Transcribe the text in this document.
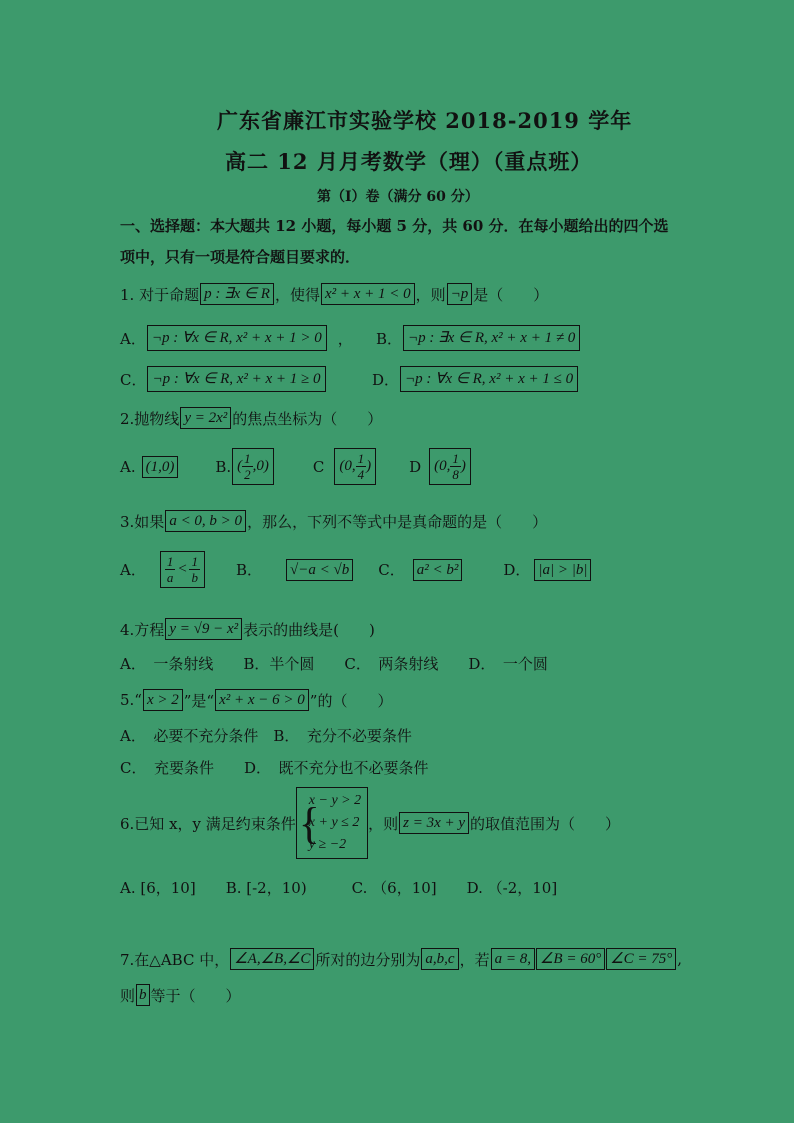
广东省廉江市实验学校 2018-2019 学年
高二 12 月月考数学（理）（重点班）
第（Ⅰ）卷（满分 60 分）
一、选择题：本大题共 12 小题，每小题 5 分，共 60 分．在每小题给出的四个选
项中，只有一项是符合题目要求的．
1. 对于命题 p : ∃x ∈ R ，使得 x² + x + 1 < 0 ，则 ¬p 是（　　）
A． ¬p : ∀x ∈ R, x² + x + 1 > 0	， B． ¬p : ∃x ∈ R, x² + x + 1 ≠ 0
C． ¬p : ∀x ∈ R, x² + x + 1 ≥ 0	D． ¬p : ∀x ∈ R, x² + x + 1 ≤ 0
2.抛物线 y = 2x² 的焦点坐标为（　　）
A. (1,0)	B. ( $\frac{1}{2} ,0$)	C (0, $\frac{1}{4}$ )	D (0, $\frac{1}{8}$ )
3.如果 a < 0, b > 0 ，那么，下列不等式中是真命题的是（　　）
A． $\frac{1}{a} < \frac{1}{b}$ B． √−a < √b C． a² < b²	D． |a| > |b|
4.方程 y = √9 − x² 表示的曲线是(　　)
A．　一条射线　　B．半个圆　　C．　两条射线　　D．　一个圆
5.“ x > 2 ”是“ x² + x − 6 > 0 ”的（　　）
A．　必要不充分条件　B．　充分不必要条件
C．　充要条件　　D．　既不充分也不必要条件
6.已知 x，y 满足约束条件
{ x − y > 2
x + y ≤ 2
y ≥ −2
，则 z = 3x + y 的取值范围为（　　）
A. [6，10]　　B. [-2，10)　　　C. （6，10]　　D. （-2，10]
7.在△ABC 中， ∠A,∠B,∠C 所对的边分别为 a,b,c ，若 a = 8, ∠B = 60° ∠C = 75° ,
则 b 等于（　　）
